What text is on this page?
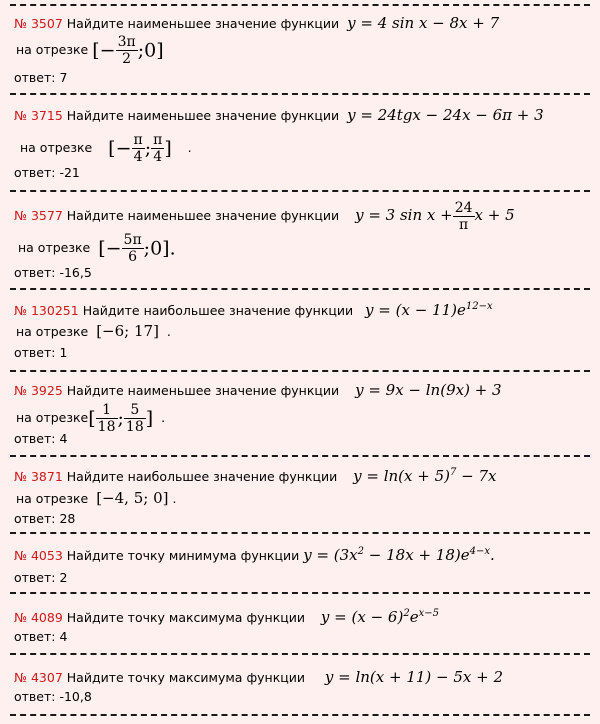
№ 3507 Найдите наименьшее значение функции y = 4 sin x − 8x + 7
на отрезке [− $\frac{3\pi}{2}$ ;0]
ответ: 7
№ 3715 Найдите наименьшее значение функции y = 24tgx − 24x − 6π + 3
на отрезке [− $\frac{\pi}{4}$ ; $\frac{\pi}{4}$ ] .
ответ: -21
№ 3577 Найдите наименьшее значение функции y = 3 $\sin x + \frac{24}{\pi}$ x + 5
на отрезке [− $\frac{5\pi}{6}$ ;0].
ответ: -16,5
№ 130251 Найдите наибольшее значение функции $y = (x - 11)e^{12-x}$
на отрезке [−6; 17] .
ответ: 1
№ 3925 Найдите наименьшее значение функции y = 9x − ln(9x) + 3
на отрезке[ $\frac{1}{18}$ ; $\frac{5}{18}$ ] .
ответ: 4
№ 3871 Найдите наибольшее значение функции $y = \ln(x + 5)^7 - 7x$
на отрезке [−4, 5; 0] .
ответ: 28
№ 4053 Найдите точку минимума функции $y = (3x^2 - 18x + 18)e^{4-x}$.
ответ: 2
№ 4089 Найдите точку максимума функции $y = (x - 6)^2e^{x-5}$
ответ: 4
№ 4307 Найдите точку максимума функции y = ln(x + 11) − 5x + 2
ответ: -10,8
